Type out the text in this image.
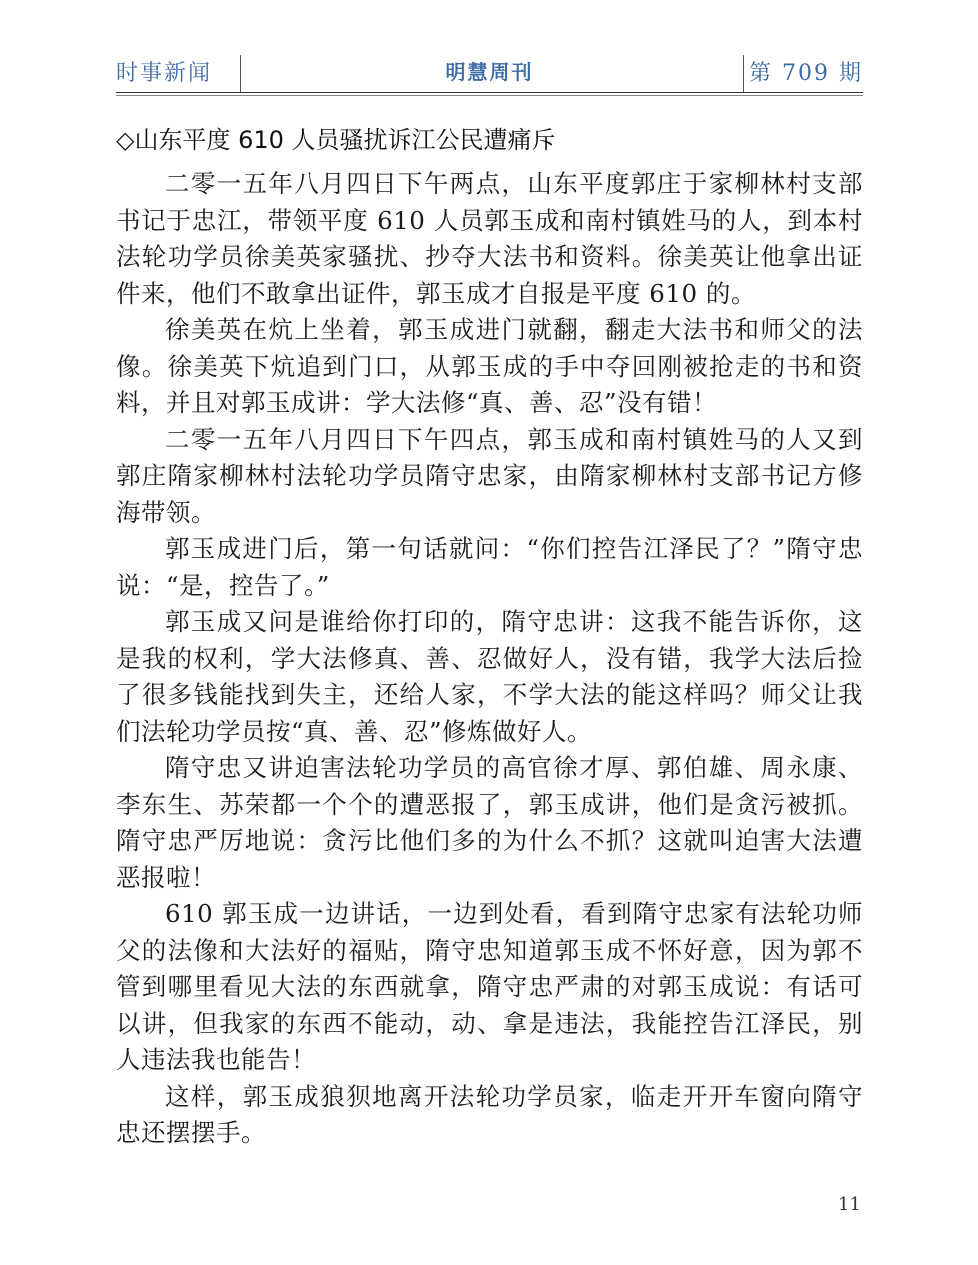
时事新闻	明慧周刊	第 709 期
◇山东平度 610 人员骚扰诉江公民遭痛斥

二零一五年八月四日下午两点，山东平度郭庄于家柳林村支部书记于忠江，带领平度 610 人员郭玉成和南村镇姓马的人，到本村法轮功学员徐美英家骚扰、抄夺大法书和资料。徐美英让他拿出证件来，他们不敢拿出证件，郭玉成才自报是平度 610 的。

徐美英在炕上坐着，郭玉成进门就翻，翻走大法书和师父的法像。徐美英下炕追到门口，从郭玉成的手中夺回刚被抢走的书和资料，并且对郭玉成讲：学大法修“真、善、忍”没有错！

二零一五年八月四日下午四点，郭玉成和南村镇姓马的人又到郭庄隋家柳林村法轮功学员隋守忠家，由隋家柳林村支部书记方修海带领。

郭玉成进门后，第一句话就问：“你们控告江泽民了？”隋守忠说：“是，控告了。”

郭玉成又问是谁给你打印的，隋守忠讲：这我不能告诉你，这是我的权利，学大法修真、善、忍做好人，没有错，我学大法后捡了很多钱能找到失主，还给人家，不学大法的能这样吗？师父让我们法轮功学员按“真、善、忍”修炼做好人。

隋守忠又讲迫害法轮功学员的高官徐才厚、郭伯雄、周永康、李东生、苏荣都一个个的遭恶报了，郭玉成讲，他们是贪污被抓。隋守忠严厉地说：贪污比他们多的为什么不抓？这就叫迫害大法遭恶报啦！

610 郭玉成一边讲话，一边到处看，看到隋守忠家有法轮功师父的法像和大法好的福贴，隋守忠知道郭玉成不怀好意，因为郭不管到哪里看见大法的东西就拿，隋守忠严肃的对郭玉成说：有话可以讲，但我家的东西不能动，动、拿是违法，我能控告江泽民，别人违法我也能告！

这样，郭玉成狼狈地离开法轮功学员家，临走开开车窗向隋守忠还摆摆手。

11
